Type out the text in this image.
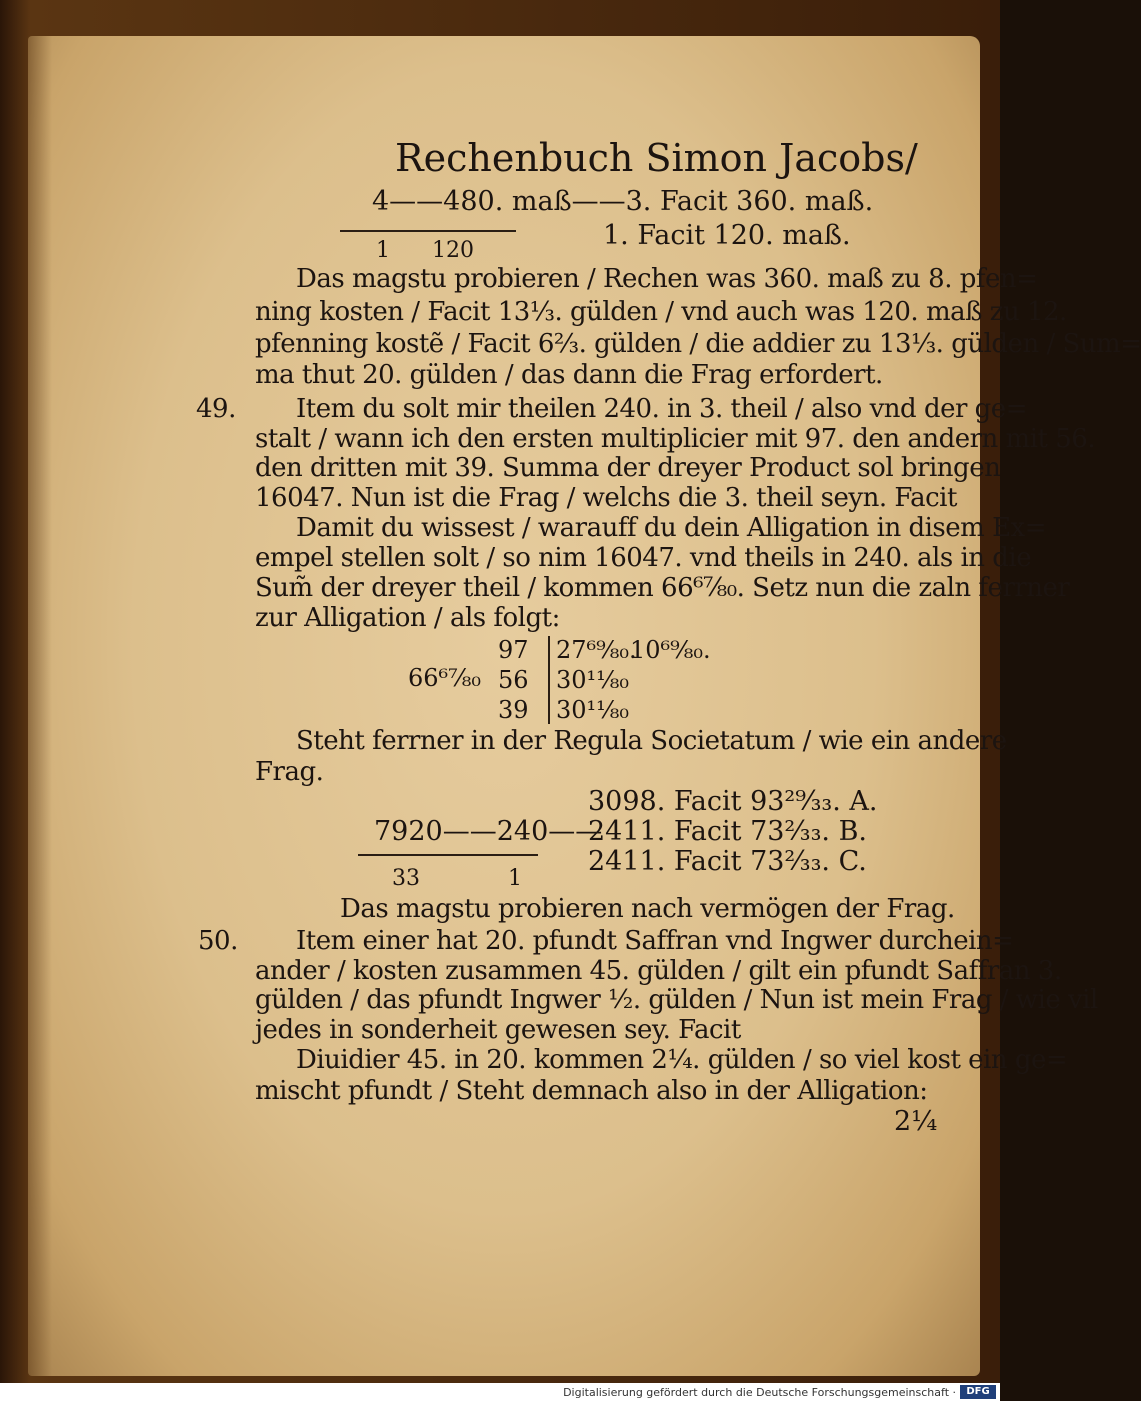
Rechenbuch Simon Jacobs/
4——480. maß——3. Facit 360. maß.
1. Facit 120. maß.
1 120
Das magstu probieren / Rechen was 360. maß zu 8. pfen=
ning kosten / Facit 13⅓. gülden / vnd auch was 120. maß zu 12.
pfenning kostẽ / Facit 6⅔. gülden / die addier zu 13⅓. gülden / Sum=
ma thut 20. gülden / das dann die Frag erfordert.
49. Item du solt mir theilen 240. in 3. theil / also vnd der ge=
stalt / wann ich den ersten multiplicier mit 97. den andern mit 56.
den dritten mit 39. Summa der dreyer Product sol bringen
16047. Nun ist die Frag / welchs die 3. theil seyn. Facit
Damit du wissest / warauff du dein Alligation in disem Ex=
empel stellen solt / so nim 16047. vnd theils in 240. als in die
Sum̃ der dreyer theil / kommen 66⁶⁷⁄₈₀. Setz nun die zaln ferrner
zur Alligation / als folgt:
66⁶⁷⁄₈₀
97
56
39
27⁶⁹⁄₈₀.
10⁶⁹⁄₈₀.
30¹¹⁄₈₀
30¹¹⁄₈₀
Steht ferrner in der Regula Societatum / wie ein andere
Frag.
3098. Facit 93²⁹⁄₃₃. A.
7920——240——
2411. Facit 73²⁄₃₃. B.
2411. Facit 73²⁄₃₃. C.
33	1
Das magstu probieren nach vermögen der Frag.
50. Item einer hat 20. pfundt Saffran vnd Ingwer durchein=
ander / kosten zusammen 45. gülden / gilt ein pfundt Saffran 3.
gülden / das pfundt Ingwer ½. gülden / Nun ist mein Frag / wie vil
jedes in sonderheit gewesen sey. Facit
Diuidier 45. in 20. kommen 2¼. gülden / so viel kost ein ge=
mischt pfundt / Steht demnach also in der Alligation:
2¼
Digitalisierung gefördert durch die Deutsche Forschungsgemeinschaft ·	DFG
